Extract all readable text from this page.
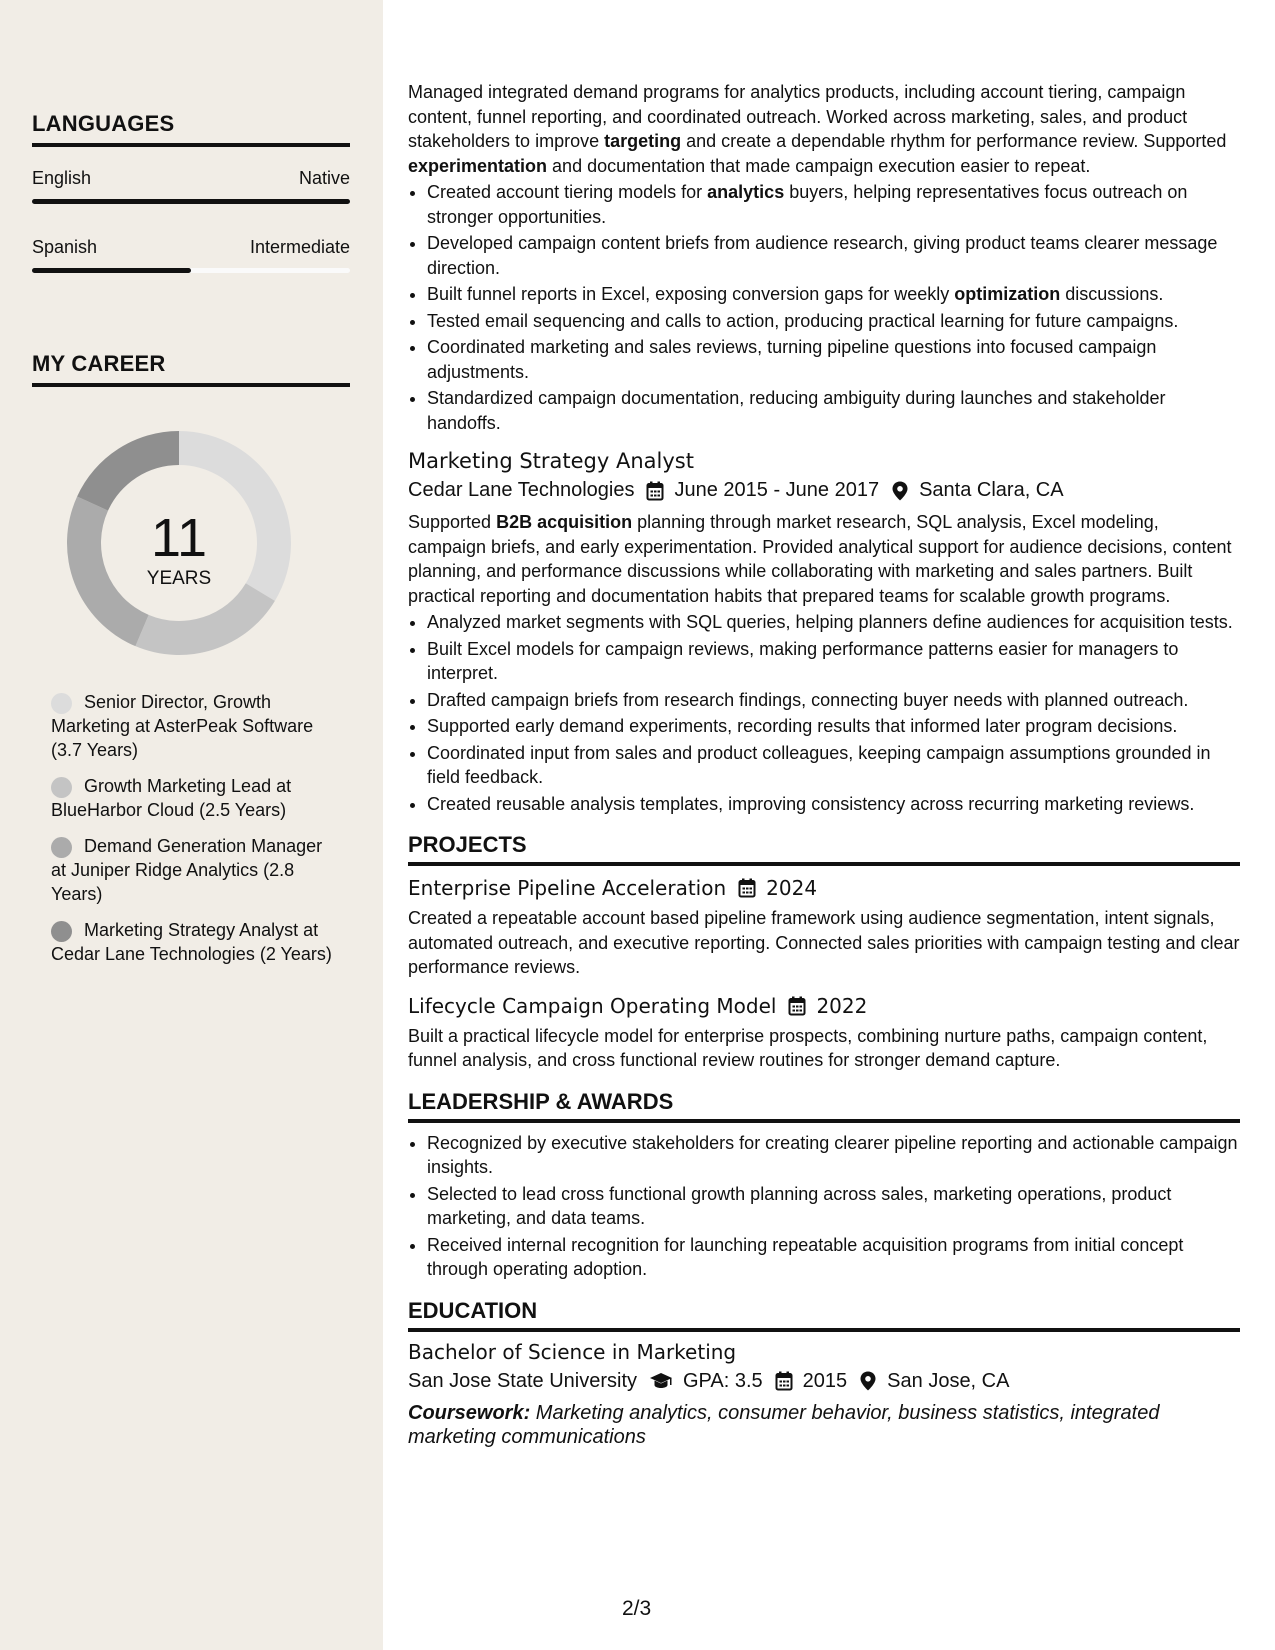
LANGUAGES
English	Native
Spanish	Intermediate
MY CAREER
11
YEARS
Senior Director, Growth Marketing at AsterPeak Software (3.7 Years)
Growth Marketing Lead at BlueHarbor Cloud (2.5 Years)
Demand Generation Manager at Juniper Ridge Analytics (2.8 Years)
Marketing Strategy Analyst at Cedar Lane Technologies (2 Years)

Managed integrated demand programs for analytics products, including account tiering, campaign content, funnel reporting, and coordinated outreach. Worked across marketing, sales, and product stakeholders to improve targeting and create a dependable rhythm for performance review. Supported experimentation and documentation that made campaign execution easier to repeat.

• Created account tiering models for analytics buyers, helping representatives focus outreach on stronger opportunities.
• Developed campaign content briefs from audience research, giving product teams clearer message direction.
• Built funnel reports in Excel, exposing conversion gaps for weekly optimization discussions.
• Tested email sequencing and calls to action, producing practical learning for future campaigns.
• Coordinated marketing and sales reviews, turning pipeline questions into focused campaign adjustments.
• Standardized campaign documentation, reducing ambiguity during launches and stakeholder handoffs.
Marketing Strategy Analyst
Cedar Lane Technologies June 2015 - June 2017 Santa Clara, CA

Supported B2B acquisition planning through market research, SQL analysis, Excel modeling, campaign briefs, and early experimentation. Provided analytical support for audience decisions, content planning, and performance discussions while collaborating with marketing and sales partners. Built practical reporting and documentation habits that prepared teams for scalable growth programs.

• Analyzed market segments with SQL queries, helping planners define audiences for acquisition tests.
• Built Excel models for campaign reviews, making performance patterns easier for managers to interpret.
• Drafted campaign briefs from research findings, connecting buyer needs with planned outreach.
• Supported early demand experiments, recording results that informed later program decisions.
• Coordinated input from sales and product colleagues, keeping campaign assumptions grounded in field feedback.
• Created reusable analysis templates, improving consistency across recurring marketing reviews.
PROJECTS
Enterprise Pipeline Acceleration 2024

Created a repeatable account based pipeline framework using audience segmentation, intent signals, automated outreach, and executive reporting. Connected sales priorities with campaign testing and clear performance reviews.

Lifecycle Campaign Operating Model 2022

Built a practical lifecycle model for enterprise prospects, combining nurture paths, campaign content, funnel analysis, and cross functional review routines for stronger demand capture.

LEADERSHIP & AWARDS
• Recognized by executive stakeholders for creating clearer pipeline reporting and actionable campaign insights.
• Selected to lead cross functional growth planning across sales, marketing operations, product marketing, and data teams.
• Received internal recognition for launching repeatable acquisition programs from initial concept through operating adoption.
EDUCATION
Bachelor of Science in Marketing
San Jose State University GPA: 3.5 2015 San Jose, CA
Coursework: Marketing analytics, consumer behavior, business statistics, integrated marketing communications
2/3
